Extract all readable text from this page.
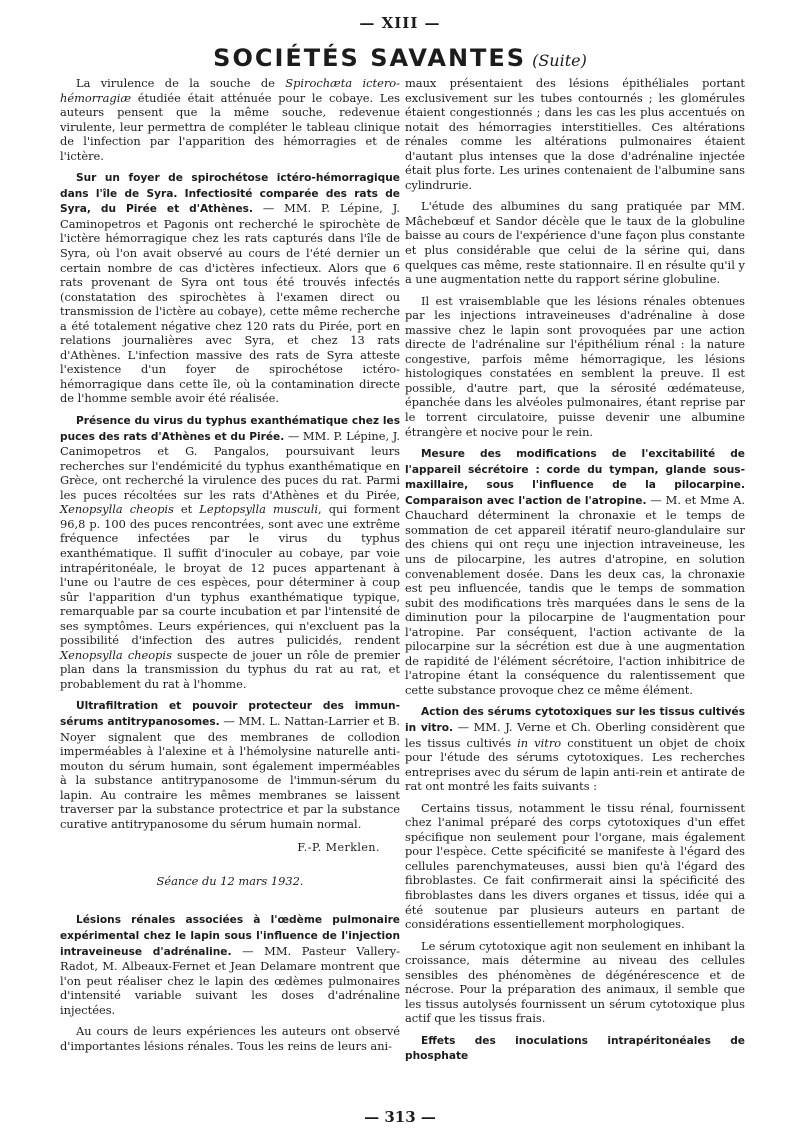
— XIII —
SOCIÉTÉS SAVANTES (Suite)

La virulence de la souche de Spirochæta ictero-hémorragiæ étudiée était atténuée pour le cobaye. Les auteurs pensent que la même souche, redevenue virulente, leur permettra de compléter le tableau clinique de l'infection par l'apparition des hémorragies et de l'ictère.

Sur un foyer de spirochétose ictéro-hémorragique dans l'île de Syra. Infectiosité comparée des rats de Syra, du Pirée et d'Athènes. — MM. P. Lépine, J. Caminopetros et Pagonis ont recherché le spirochète de l'ictère hémorragique chez les rats capturés dans l'île de Syra, où l'on avait observé au cours de l'été dernier un certain nombre de cas d'ictères infectieux. Alors que 6 rats provenant de Syra ont tous été trouvés infectés (constatation des spirochètes à l'examen direct ou transmission de l'ictère au cobaye), cette même recherche a été totalement négative chez 120 rats du Pirée, port en relations journalières avec Syra, et chez 13 rats d'Athènes. L'infection massive des rats de Syra atteste l'existence d'un foyer de spirochétose ictéro-hémorragique dans cette île, où la contamination directe de l'homme semble avoir été réalisée.

Présence du virus du typhus exanthématique chez les puces des rats d'Athènes et du Pirée. — MM. P. Lépine, J. Canimopetros et G. Pangalos, poursuivant leurs recherches sur l'endémicité du typhus exanthématique en Grèce, ont recherché la virulence des puces du rat. Parmi les puces récoltées sur les rats d'Athènes et du Pirée, Xenopsylla cheopis et Leptopsylla musculi, qui forment 96,8 p. 100 des puces rencontrées, sont avec une extrême fréquence infectées par le virus du typhus exanthématique. Il suffit d'inoculer au cobaye, par voie intrapéritonéale, le broyat de 12 puces appartenant à l'une ou l'autre de ces espèces, pour déterminer à coup sûr l'apparition d'un typhus exanthématique typique, remarquable par sa courte incubation et par l'intensité de ses symptômes. Leurs expériences, qui n'excluent pas la possibilité d'infection des autres pulicidés, rendent Xenopsylla cheopis suspecte de jouer un rôle de premier plan dans la transmission du typhus du rat au rat, et probablement du rat à l'homme.

Ultrafiltration et pouvoir protecteur des immun-sérums antitrypanosomes. — MM. L. Nattan-Larrier et B. Noyer signalent que des membranes de collodion imperméables à l'alexine et à l'hémolysine naturelle anti-mouton du sérum humain, sont également imperméables à la substance antitrypanosome de l'immun-sérum du lapin. Au contraire les mêmes membranes se laissent traverser par la substance protectrice et par la substance curative antitrypanosome du sérum humain normal.

F.-P. Merklen.
Séance du 12 mars 1932.

Lésions rénales associées à l'œdème pulmonaire expérimental chez le lapin sous l'influence de l'injection intraveineuse d'adrénaline. — MM. Pasteur Vallery-Radot, M. Albeaux-Fernet et Jean Delamare montrent que l'on peut réaliser chez le lapin des œdèmes pulmonaires d'intensité variable suivant les doses d'adrénaline injectées.

Au cours de leurs expériences les auteurs ont observé d'importantes lésions rénales. Tous les reins de leurs ani-

maux présentaient des lésions épithéliales portant exclusivement sur les tubes contournés ; les glomérules étaient congestionnés ; dans les cas les plus accentués on notait des hémorragies interstitielles. Ces altérations rénales comme les altérations pulmonaires étaient d'autant plus intenses que la dose d'adrénaline injectée était plus forte. Les urines contenaient de l'albumine sans cylindrurie.

L'étude des albumines du sang pratiquée par MM. Mâchebœuf et Sandor décèle que le taux de la globuline baisse au cours de l'expérience d'une façon plus constante et plus considérable que celui de la sérine qui, dans quelques cas même, reste stationnaire. Il en résulte qu'il y a une augmentation nette du rapport sérine globuline.

Il est vraisemblable que les lésions rénales obtenues par les injections intraveineuses d'adrénaline à dose massive chez le lapin sont provoquées par une action directe de l'adrénaline sur l'épithélium rénal : la nature congestive, parfois même hémorragique, les lésions histologiques constatées en semblent la preuve. Il est possible, d'autre part, que la sérosité œdémateuse, épanchée dans les alvéoles pulmonaires, étant reprise par le torrent circulatoire, puisse devenir une albumine étrangère et nocive pour le rein.

Mesure des modifications de l'excitabilité de l'appareil sécrétoire : corde du tympan, glande sous-maxillaire, sous l'influence de la pilocarpine. Comparaison avec l'action de l'atropine. — M. et Mme A. Chauchard déterminent la chronaxie et le temps de sommation de cet appareil itératif neuro-glandulaire sur des chiens qui ont reçu une injection intraveineuse, les uns de pilocarpine, les autres d'atropine, en solution convenablement dosée. Dans les deux cas, la chronaxie est peu influencée, tandis que le temps de sommation subit des modifications très marquées dans le sens de la diminution pour la pilocarpine de l'augmentation pour l'atropine. Par conséquent, l'action activante de la pilocarpine sur la sécrétion est due à une augmentation de rapidité de l'élément sécrétoire, l'action inhibitrice de l'atropine étant la conséquence du ralentissement que cette substance provoque chez ce même élément.

Action des sérums cytotoxiques sur les tissus cultivés in vitro. — MM. J. Verne et Ch. Oberling considèrent que les tissus cultivés in vitro constituent un objet de choix pour l'étude des sérums cytotoxiques. Les recherches entreprises avec du sérum de lapin anti-rein et antirate de rat ont montré les faits suivants :

Certains tissus, notamment le tissu rénal, fournissent chez l'animal préparé des corps cytotoxiques d'un effet spécifique non seulement pour l'organe, mais également pour l'espèce. Cette spécificité se manifeste à l'égard des cellules parenchymateuses, aussi bien qu'à l'égard des fibroblastes. Ce fait confirmerait ainsi la spécificité des fibroblastes dans les divers organes et tissus, idée qui a été soutenue par plusieurs auteurs en partant de considérations essentiellement morphologiques.

Le sérum cytotoxique agit non seulement en inhibant la croissance, mais détermine au niveau des cellules sensibles des phénomènes de dégénérescence et de nécrose. Pour la préparation des animaux, il semble que les tissus autolysés fournissent un sérum cytotoxique plus actif que les tissus frais.

Effets des inoculations intrapéritonéales de phosphate

— 313 —
